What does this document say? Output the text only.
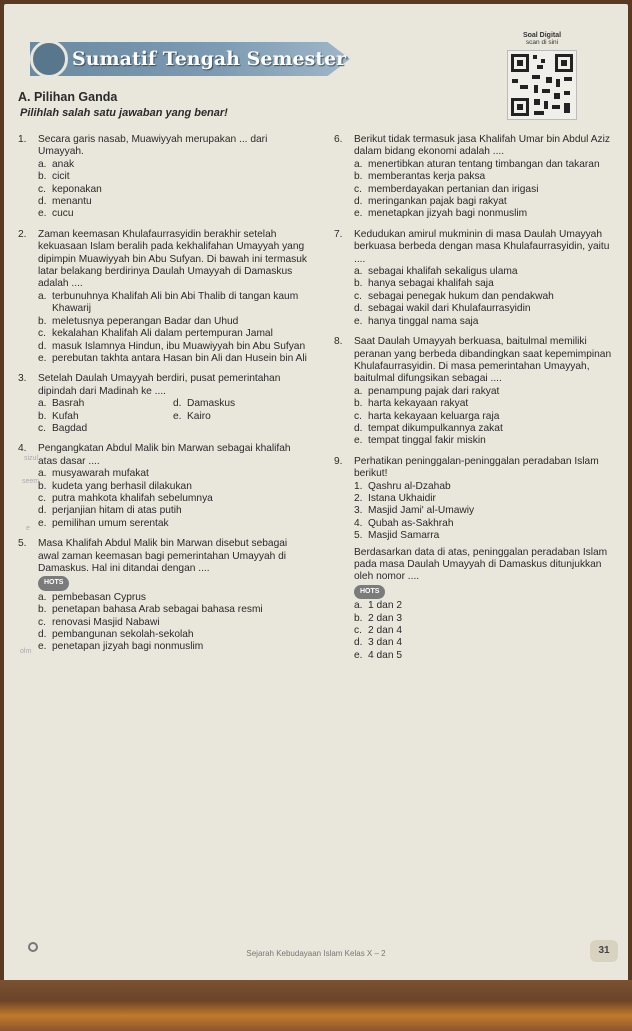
Sumatif Tengah Semester
Soal Digital
scan di sini
A. Pilihan Ganda
Pilihlah salah satu jawaban yang benar!
sizul
seem
e
olm
1.	Secara garis nasab, Muawiyyah merupakan ... dari Umayyah.
a. anak
b. cicit
c. keponakan
d. menantu
e. cucu
2.	Zaman keemasan Khulafaurrasyidin berakhir setelah kekuasaan Islam beralih pada kekhalifahan Umayyah yang dipimpin Muawiyyah bin Abu Sufyan. Di bawah ini termasuk latar belakang berdirinya Daulah Umayyah di Damaskus adalah ....
a. terbunuhnya Khalifah Ali bin Abi Thalib di tangan kaum Khawarij
b. meletusnya peperangan Badar dan Uhud
c. kekalahan Khalifah Ali dalam pertempuran Jamal
d. masuk Islamnya Hindun, ibu Muawiyyah bin Abu Sufyan
e. perebutan takhta antara Hasan bin Ali dan Husein bin Ali
3.	Setelah Daulah Umayyah berdiri, pusat pemerintahan dipindah dari Madinah ke ....
a. Basrah	d. Damaskus
b. Kufah	e. Kairo
c. Bagdad
4.	Pengangkatan Abdul Malik bin Marwan sebagai khalifah atas dasar ....
a. musyawarah mufakat
b. kudeta yang berhasil dilakukan
c. putra mahkota khalifah sebelumnya
d. perjanjian hitam di atas putih
e. pemilihan umum serentak
5.	Masa Khalifah Abdul Malik bin Marwan disebut sebagai awal zaman keemasan bagi pemerintahan Umayyah di Damaskus. Hal ini ditandai dengan ....
HOTS
a. pembebasan Cyprus
b. penetapan bahasa Arab sebagai bahasa resmi
c. renovasi Masjid Nabawi
d. pembangunan sekolah-sekolah
e. penetapan jizyah bagi nonmuslim
6.	Berikut tidak termasuk jasa Khalifah Umar bin Abdul Aziz dalam bidang ekonomi adalah ....
a. menertibkan aturan tentang timbangan dan takaran
b. memberantas kerja paksa
c. memberdayakan pertanian dan irigasi
d. meringankan pajak bagi rakyat
e. menetapkan jizyah bagi nonmuslim
7.	Kedudukan amirul mukminin di masa Daulah Umayyah berkuasa berbeda dengan masa Khulafaurrasyidin, yaitu ....
a. sebagai khalifah sekaligus ulama
b. hanya sebagai khalifah saja
c. sebagai penegak hukum dan pendakwah
d. sebagai wakil dari Khulafaurrasyidin
e. hanya tinggal nama saja
8.	Saat Daulah Umayyah berkuasa, baitulmal memiliki peranan yang berbeda dibandingkan saat kepemimpinan Khulafaurrasyidin. Di masa pemerintahan Umayyah, baitulmal difungsikan sebagai ....
a. penampung pajak dari rakyat
b. harta kekayaan rakyat
c. harta kekayaan keluarga raja
d. tempat dikumpulkannya zakat
e. tempat tinggal fakir miskin
9.	Perhatikan peninggalan-peninggalan peradaban Islam berikut!
1. Qashru al-Dzahab
2. Istana Ukhaidir
3. Masjid Jami' al-Umawiy
4. Qubah as-Sakhrah
5. Masjid Samarra
Berdasarkan data di atas, peninggalan peradaban Islam pada masa Daulah Umayyah di Damaskus ditunjukkan oleh nomor ....
HOTS
a. 1 dan 2
b. 2 dan 3
c. 2 dan 4
d. 3 dan 4
e. 4 dan 5
Sejarah Kebudayaan Islam Kelas X – 2	31
